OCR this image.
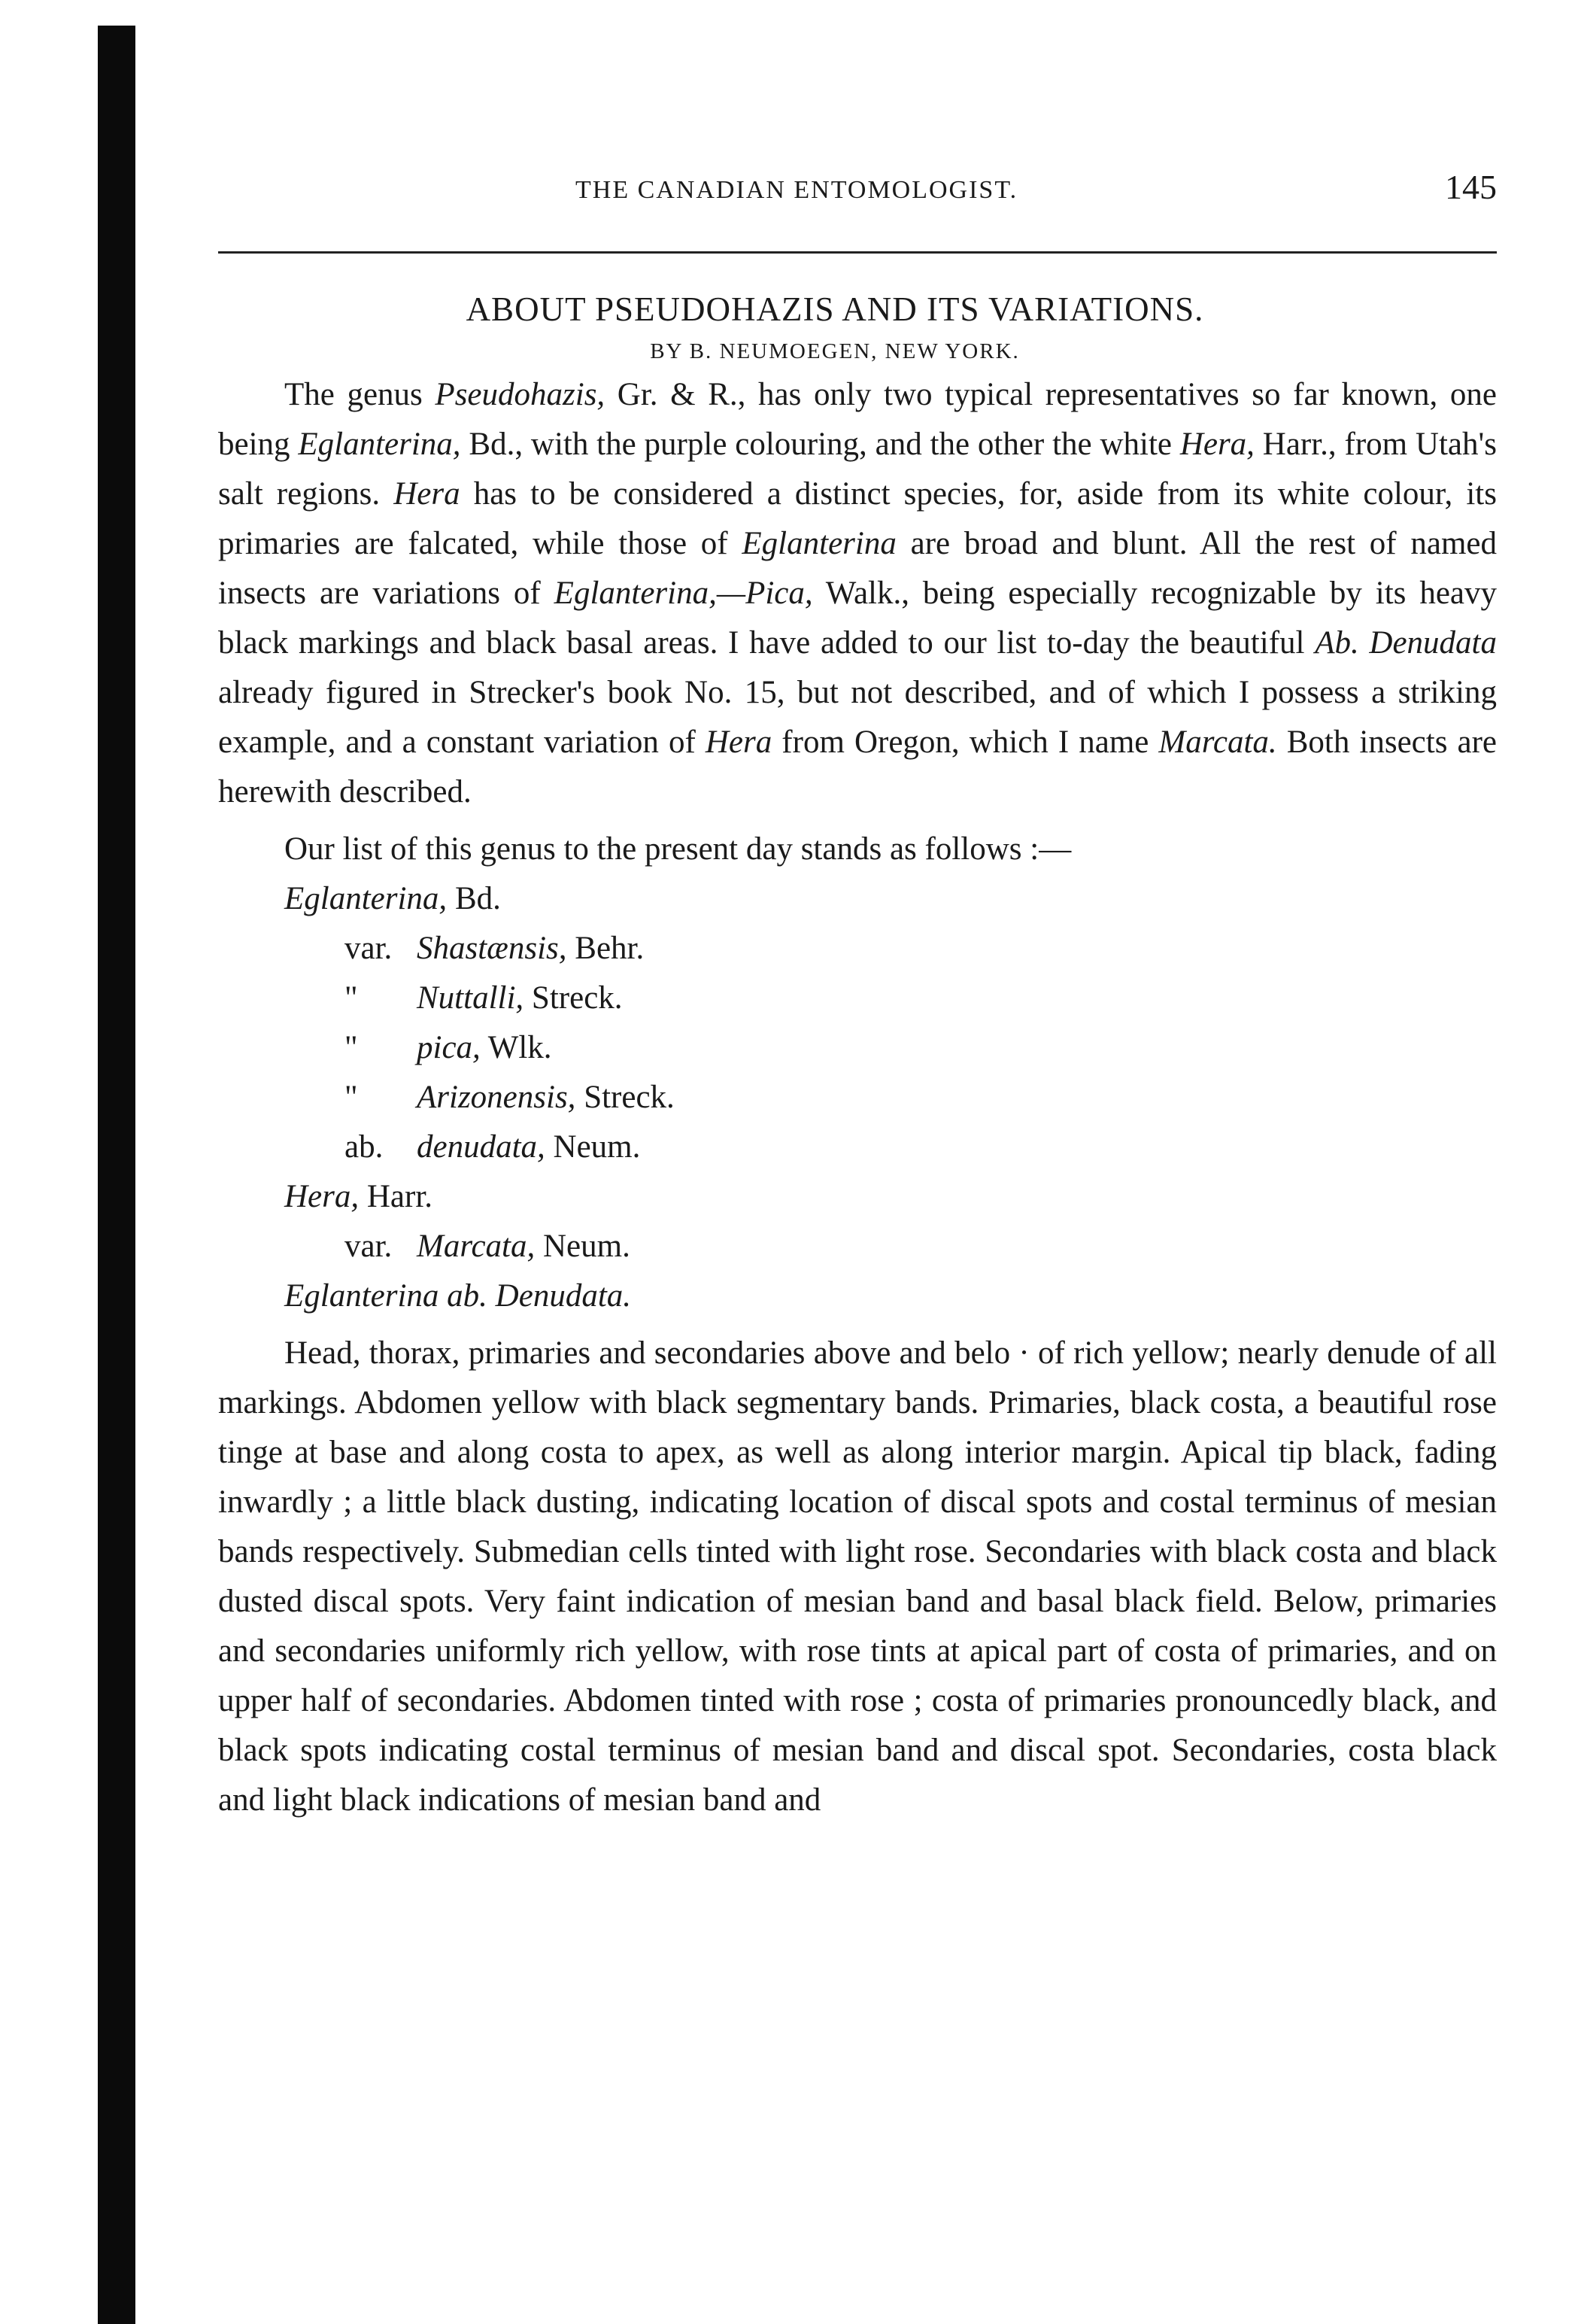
THE CANADIAN ENTOMOLOGIST.	145
ABOUT PSEUDOHAZIS AND ITS VARIATIONS.
BY B. NEUMOEGEN, NEW YORK.

The genus Pseudohazis, Gr. & R., has only two typical representatives so far known, one being Eglanterina, Bd., with the purple colouring, and the other the white Hera, Harr., from Utah's salt regions. Hera has to be considered a distinct species, for, aside from its white colour, its primaries are falcated, while those of Eglanterina are broad and blunt. All the rest of named insects are variations of Eglanterina,—Pica, Walk., being especially recognizable by its heavy black markings and black basal areas. I have added to our list to-day the beautiful Ab. Denudata already figured in Strecker's book No. 15, but not described, and of which I possess a striking example, and a constant variation of Hera from Oregon, which I name Marcata. Both insects are herewith described.

Our list of this genus to the present day stands as follows :—

Eglanterina, Bd.
var. Shastænsis, Behr.
" Nuttalli, Streck.
" pica, Wlk.
" Arizonensis, Streck.
ab. denudata, Neum.
Hera, Harr.
var. Marcata, Neum.
Eglanterina ab. Denudata.

Head, thorax, primaries and secondaries above and belo · of rich yellow; nearly denude of all markings. Abdomen yellow with black segmentary bands. Primaries, black costa, a beautiful rose tinge at base and along costa to apex, as well as along interior margin. Apical tip black, fading inwardly ; a little black dusting, indicating location of discal spots and costal terminus of mesian bands respectively. Submedian cells tinted with light rose. Secondaries with black costa and black dusted discal spots. Very faint indication of mesian band and basal black field. Below, primaries and secondaries uniformly rich yellow, with rose tints at apical part of costa of primaries, and on upper half of secondaries. Abdomen tinted with rose ; costa of primaries pronouncedly black, and black spots indicating costal terminus of mesian band and discal spot. Secondaries, costa black and light black indications of mesian band and
